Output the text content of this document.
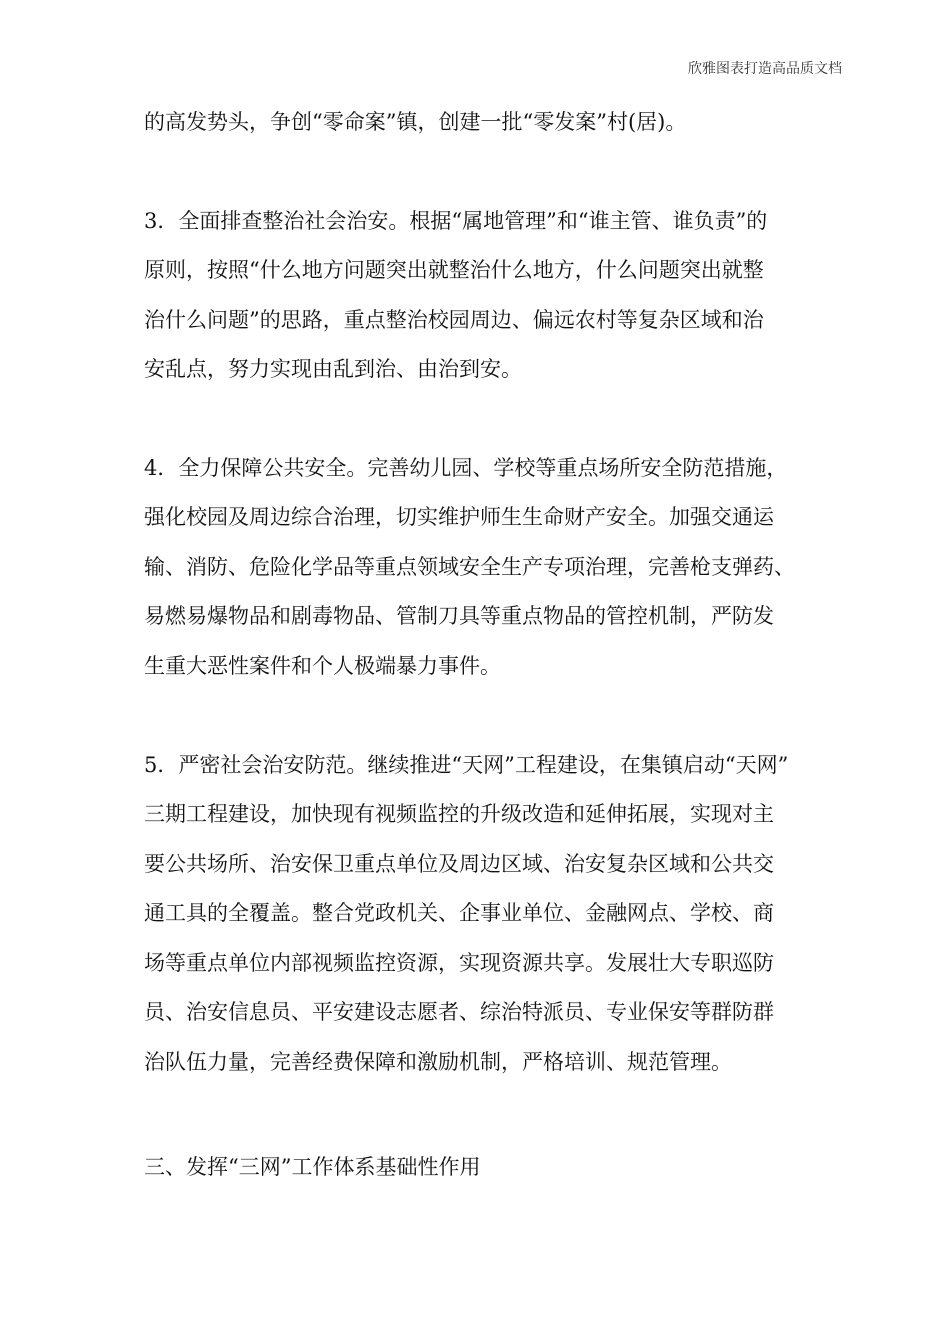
欣雅图表打造高品质文档
的高发势头，争创“零命案”镇，创建一批“零发案”村(居)。
3．全面排查整治社会治安。根据“属地管理”和“谁主管、谁负责”的
原则，按照“什么地方问题突出就整治什么地方，什么问题突出就整
治什么问题”的思路，重点整治校园周边、偏远农村等复杂区域和治
安乱点，努力实现由乱到治、由治到安。
4．全力保障公共安全。完善幼儿园、学校等重点场所安全防范措施，
强化校园及周边综合治理，切实维护师生生命财产安全。加强交通运
输、消防、危险化学品等重点领域安全生产专项治理，完善枪支弹药、
易燃易爆物品和剧毒物品、管制刀具等重点物品的管控机制，严防发
生重大恶性案件和个人极端暴力事件。
5．严密社会治安防范。继续推进“天网”工程建设，在集镇启动“天网”
三期工程建设，加快现有视频监控的升级改造和延伸拓展，实现对主
要公共场所、治安保卫重点单位及周边区域、治安复杂区域和公共交
通工具的全覆盖。整合党政机关、企事业单位、金融网点、学校、商
场等重点单位内部视频监控资源，实现资源共享。发展壮大专职巡防
员、治安信息员、平安建设志愿者、综治特派员、专业保安等群防群
治队伍力量，完善经费保障和激励机制，严格培训、规范管理。
三、发挥“三网”工作体系基础性作用
